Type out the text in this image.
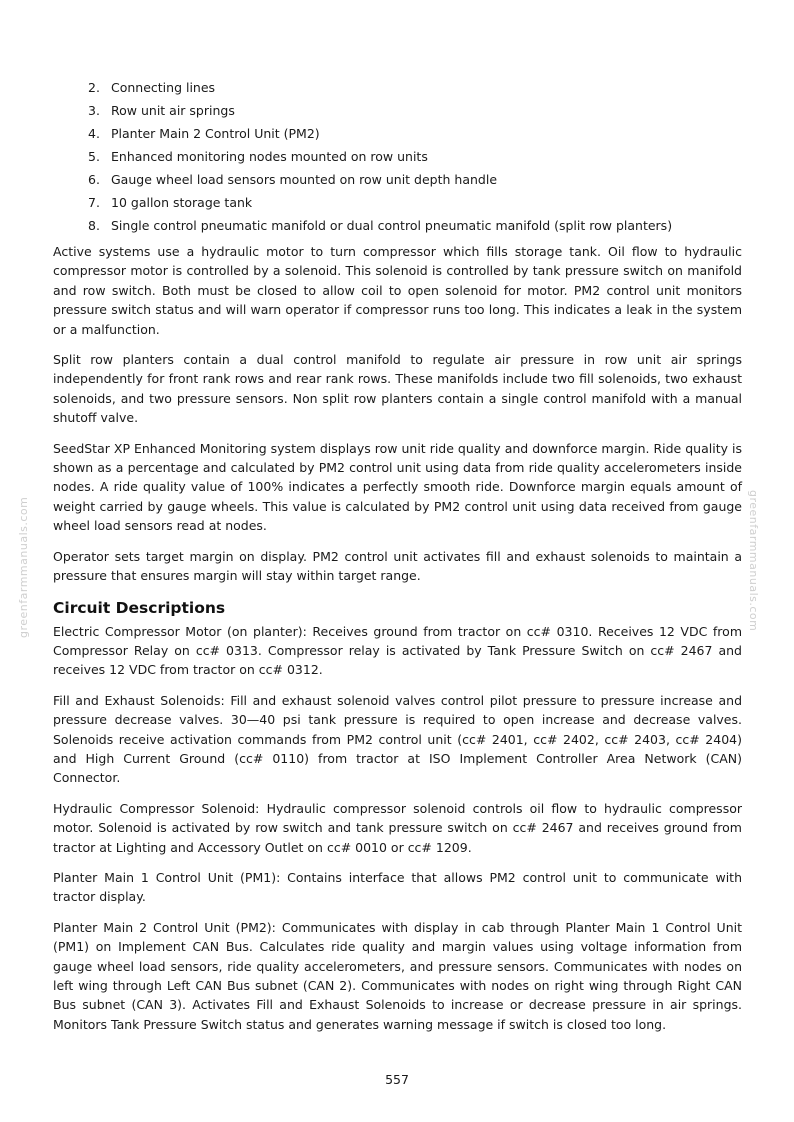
greenfarmmanuals.com	greenfarmmanuals.com
2. Connecting lines
3. Row unit air springs
4. Planter Main 2 Control Unit (PM2)
5. Enhanced monitoring nodes mounted on row units
6. Gauge wheel load sensors mounted on row unit depth handle
7. 10 gallon storage tank
8. Single control pneumatic manifold or dual control pneumatic manifold (split row planters)

Active systems use a hydraulic motor to turn compressor which fills storage tank. Oil flow to hydraulic compressor motor is controlled by a solenoid. This solenoid is controlled by tank pressure switch on manifold and row switch. Both must be closed to allow coil to open solenoid for motor. PM2 control unit monitors pressure switch status and will warn operator if compressor runs too long. This indicates a leak in the system or a malfunction.

Split row planters contain a dual control manifold to regulate air pressure in row unit air springs independently for front rank rows and rear rank rows. These manifolds include two fill solenoids, two exhaust solenoids, and two pressure sensors. Non split row planters contain a single control manifold with a manual shutoff valve.

SeedStar XP Enhanced Monitoring system displays row unit ride quality and downforce margin. Ride quality is shown as a percentage and calculated by PM2 control unit using data from ride quality accelerometers inside nodes. A ride quality value of 100% indicates a perfectly smooth ride. Downforce margin equals amount of weight carried by gauge wheels. This value is calculated by PM2 control unit using data received from gauge wheel load sensors read at nodes.

Operator sets target margin on display. PM2 control unit activates fill and exhaust solenoids to maintain a pressure that ensures margin will stay within target range.

Circuit Descriptions

Electric Compressor Motor (on planter): Receives ground from tractor on cc# 0310. Receives 12 VDC from Compressor Relay on cc# 0313. Compressor relay is activated by Tank Pressure Switch on cc# 2467 and receives 12 VDC from tractor on cc# 0312.

Fill and Exhaust Solenoids: Fill and exhaust solenoid valves control pilot pressure to pressure increase and pressure decrease valves. 30—40 psi tank pressure is required to open increase and decrease valves. Solenoids receive activation commands from PM2 control unit (cc# 2401, cc# 2402, cc# 2403, cc# 2404) and High Current Ground (cc# 0110) from tractor at ISO Implement Controller Area Network (CAN) Connector.

Hydraulic Compressor Solenoid: Hydraulic compressor solenoid controls oil flow to hydraulic compressor motor. Solenoid is activated by row switch and tank pressure switch on cc# 2467 and receives ground from tractor at Lighting and Accessory Outlet on cc# 0010 or cc# 1209.

Planter Main 1 Control Unit (PM1): Contains interface that allows PM2 control unit to communicate with tractor display.

Planter Main 2 Control Unit (PM2): Communicates with display in cab through Planter Main 1 Control Unit (PM1) on Implement CAN Bus. Calculates ride quality and margin values using voltage information from gauge wheel load sensors, ride quality accelerometers, and pressure sensors. Communicates with nodes on left wing through Left CAN Bus subnet (CAN 2). Communicates with nodes on right wing through Right CAN Bus subnet (CAN 3). Activates Fill and Exhaust Solenoids to increase or decrease pressure in air springs. Monitors Tank Pressure Switch status and generates warning message if switch is closed too long.

557
